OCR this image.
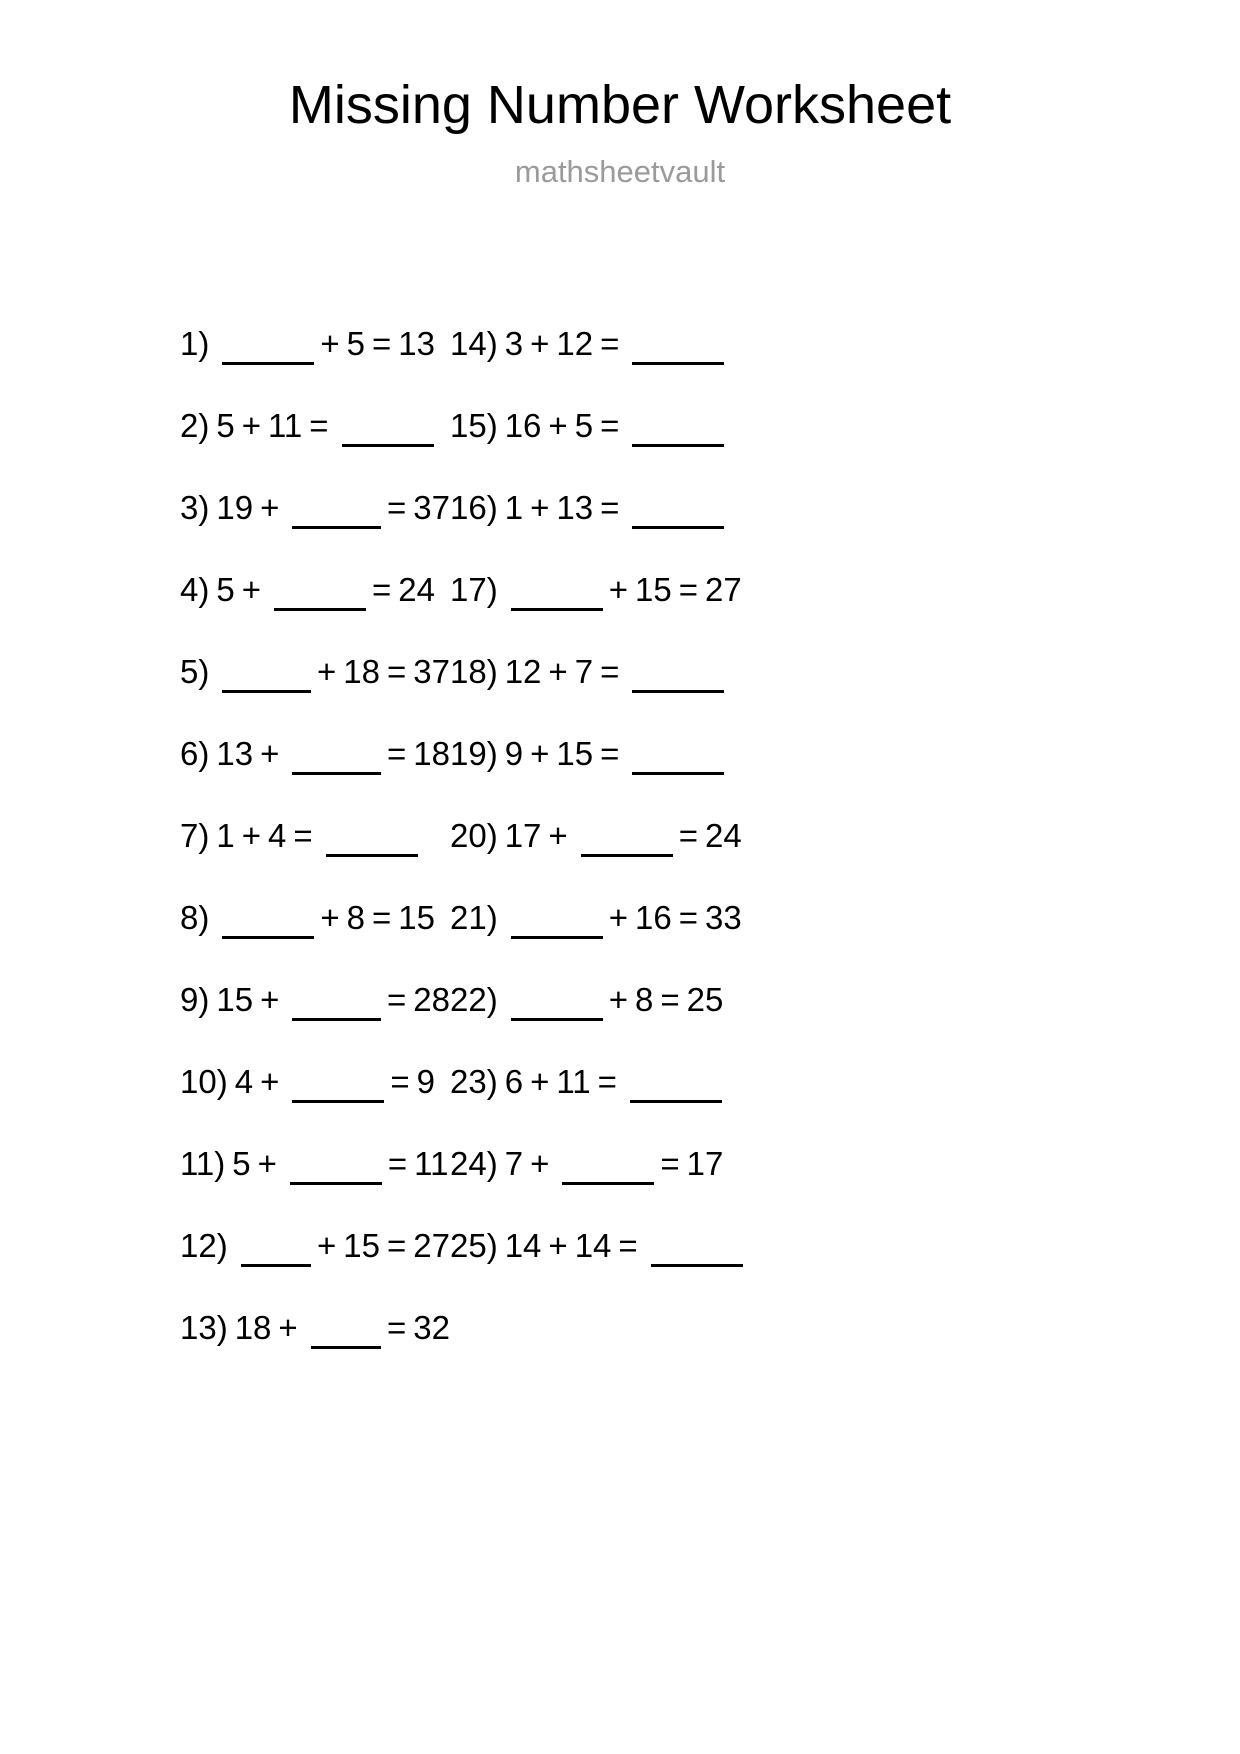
Missing Number Worksheet
mathsheetvault
1)	+ 5 = 13
2) 5 + 11 =
3) 19 +	= 37
4) 5 +	= 24
5)	+ 18 = 37
6) 13 +	= 18
7) 1 + 4 =
8)	+ 8 = 15
9) 15 +	= 28
10) 4 +	= 9
11) 5 +	= 11
12)	+ 15 = 27
13) 18 +	= 32
14) 3 + 12 =
15) 16 + 5 =
16) 1 + 13 =
17)	+ 15 = 27
18) 12 + 7 =
19) 9 + 15 =
20) 17 +	= 24
21)	+ 16 = 33
22)	+ 8 = 25
23) 6 + 11 =
24) 7 +	= 17
25) 14 + 14 =
